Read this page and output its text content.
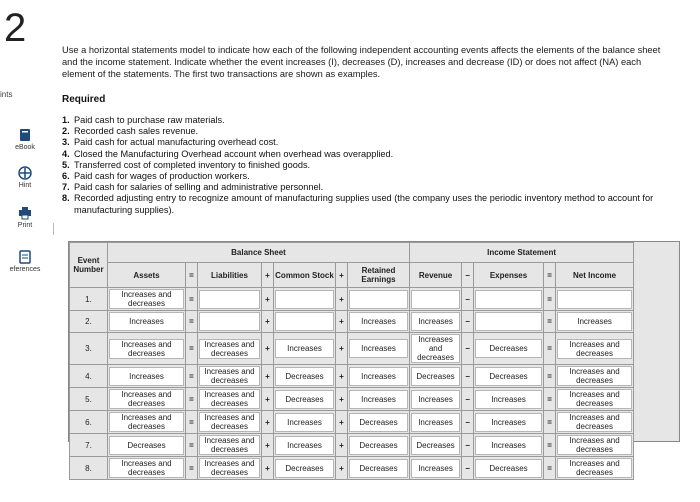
2
ints
eBook
Hint
Print
eferences
Use a horizontal statements model to indicate how each of the following independent accounting events affects the elements of the balance sheet and the income statement. Indicate whether the event increases (I), decreases (D), increases and decrease (ID) or does not affect (NA) each element of the statements. The first two transactions are shown as examples.
Required
1. Paid cash to purchase raw materials.
2. Recorded cash sales revenue.
3. Paid cash for actual manufacturing overhead cost.
4. Closed the Manufacturing Overhead account when overhead was overapplied.
5. Transferred cost of completed inventory to finished goods.
6. Paid cash for wages of production workers.
7. Paid cash for salaries of selling and administrative personnel.
8. Recorded adjusting entry to recognize amount of manufacturing supplies used (the company uses the periodic inventory method to account for manufacturing supplies).
Event Number	Balance Sheet							Income Statement					
	Assets	=	Liabilities	+	Common Stock	+	Retained Earnings	Revenue	−	Expenses	=	Net Income	
1.	Increases and decreases	=		+		+			−		=	

2.	Increases	=		+		+	Increases	Increases	−		=	Increases	

3.	Increases and decreases	=	Increases and decreases	+	Increases	+	Increases	Increases and decreases	−	Decreases	=	Increases and decreases	

4.	Increases	=	Increases and decreases	+	Decreases	+	Increases	Decreases	−	Decreases	=	Increases and decreases	

5.	Increases and decreases	=	Increases and decreases	+	Decreases	+	Increases	Increases	−	Increases	=	Increases and decreases	

6.	Increases and decreases	=	Increases and decreases	+	Increases	+	Decreases	Increases	−	Increases	=	Increases and decreases	

7.	Decreases	=	Increases and decreases	+	Increases	+	Decreases	Decreases	−	Increases	=	Increases and decreases	

8.	Increases and decreases	=	Increases and decreases	+	Decreases	+	Decreases	Increases	−	Decreases	=	Increases and decreases	
